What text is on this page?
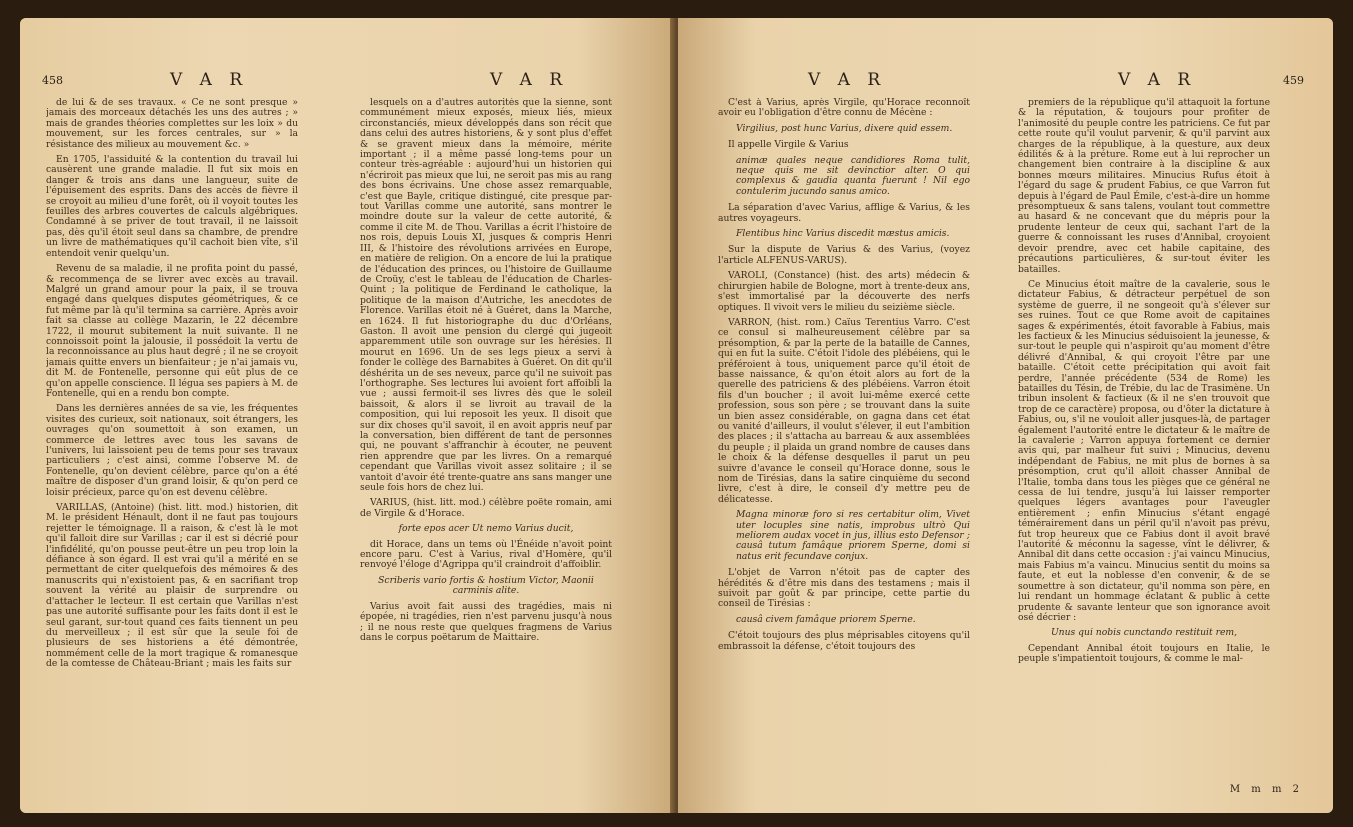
458	V A R	V A R

de lui & de ses travaux. « Ce ne sont presque » jamais des morceaux détachés les uns des autres ; » mais de grandes théories complettes sur les loix » du mouvement, sur les forces centrales, sur » la résistance des milieux au mouvement &c. »

En 1705, l'assiduité & la contention du travail lui causèrent une grande maladie. Il fut six mois en danger & trois ans dans une langueur, suite de l'épuisement des esprits. Dans des accès de fièvre il se croyoit au milieu d'une forêt, où il voyoit toutes les feuilles des arbres couvertes de calculs algébriques. Condamné à se priver de tout travail, il ne laissoit pas, dès qu'il étoit seul dans sa chambre, de prendre un livre de mathématiques qu'il cachoit bien vîte, s'il entendoit venir quelqu'un.

Revenu de sa maladie, il ne profita point du passé, & recommença de se livrer avec excès au travail. Malgré un grand amour pour la paix, il se trouva engagé dans quelques disputes géométriques, & ce fut même par là qu'il termina sa carrière. Après avoir fait sa classe au collège Mazarin, le 22 décembre 1722, il mourut subitement la nuit suivante. Il ne connoissoit point la jalousie, il possédoit la vertu de la reconnoissance au plus haut degré ; il ne se croyoit jamais quitte envers un bienfaiteur ; je n'ai jamais vu, dit M. de Fontenelle, personne qui eût plus de ce qu'on appelle conscience. Il légua ses papiers à M. de Fontenelle, qui en a rendu bon compte.

Dans les dernières années de sa vie, les fréquentes visites des curieux, soit nationaux, soit étrangers, les ouvrages qu'on soumettoit à son examen, un commerce de lettres avec tous les savans de l'univers, lui laissoient peu de tems pour ses travaux particuliers ; c'est ainsi, comme l'observe M. de Fontenelle, qu'on devient célèbre, parce qu'on a été maître de disposer d'un grand loisir, & qu'on perd ce loisir précieux, parce qu'on est devenu célèbre.

VARILLAS, (Antoine) (hist. litt. mod.) historien, dit M. le président Hénault, dont il ne faut pas toujours rejetter le témoignage. Il a raison, & c'est là le mot qu'il falloit dire sur Varillas ; car il est si décrié pour l'infidélité, qu'on pousse peut-être un peu trop loin la défiance à son égard. Il est vrai qu'il a mérité en se permettant de citer quelquefois des mémoires & des manuscrits qui n'existoient pas, & en sacrifiant trop souvent la vérité au plaisir de surprendre ou d'attacher le lecteur. Il est certain que Varillas n'est pas une autorité suffisante pour les faits dont il est le seul garant, sur-tout quand ces faits tiennent un peu du merveilleux ; il est sûr que la seule foi de plusieurs de ses historiens a été démontrée, nommément celle de la mort tragique & romanesque de la comtesse de Château-Briant ; mais les faits sur

lesquels on a d'autres autorités que la sienne, sont communément mieux exposés, mieux liés, mieux circonstanciés, mieux développés dans son récit que dans celui des autres historiens, & y sont plus d'effet & se gravent mieux dans la mémoire, mérite important ; il a même passé long-tems pour un conteur très-agréable : aujourd'hui un historien qui n'écriroit pas mieux que lui, ne seroit pas mis au rang des bons écrivains. Une chose assez remarquable, c'est que Bayle, critique distingué, cite presque par-tout Varillas comme une autorité, sans montrer le moindre doute sur la valeur de cette autorité, & comme il cite M. de Thou. Varillas a écrit l'histoire de nos rois, depuis Louis XI, jusques & compris Henri III, & l'histoire des révolutions arrivées en Europe, en matière de religion. On a encore de lui la pratique de l'éducation des princes, ou l'histoire de Guillaume de Croüy, c'est le tableau de l'éducation de Charles-Quint ; la politique de Ferdinand le catholique, la politique de la maison d'Autriche, les anecdotes de Florence. Varillas étoit né à Guéret, dans la Marche, en 1624. Il fut historiographe du duc d'Orléans, Gaston. Il avoit une pension du clergé qui jugeoit apparemment utile son ouvrage sur les hérésies. Il mourut en 1696. Un de ses legs pieux a servi à fonder le collège des Barnabites à Guéret. On dit qu'il déshérita un de ses neveux, parce qu'il ne suivoit pas l'orthographe. Ses lectures lui avoient fort affoibli la vue ; aussi fermoit-il ses livres dès que le soleil baissoit, & alors il se livroit au travail de la composition, qui lui reposoit les yeux. Il disoit que sur dix choses qu'il savoit, il en avoit appris neuf par la conversation, bien différent de tant de personnes qui, ne pouvant s'affranchir à écouter, ne peuvent rien apprendre que par les livres. On a remarqué cependant que Varillas vivoit assez solitaire ; il se vantoit d'avoir été trente-quatre ans sans manger une seule fois hors de chez lui.

VARIUS, (hist. litt. mod.) célèbre poëte romain, ami de Virgile & d'Horace.

forte epos acer Ut nemo Varius ducit,

dit Horace, dans un tems où l'Énéide n'avoit point encore paru. C'est à Varius, rival d'Homère, qu'il renvoyé l'éloge d'Agrippa qu'il craindroit d'affoiblir.

Scriberis vario fortis & hostium Victor, Maonii carminis alite.

Varius avoit fait aussi des tragédies, mais ni épopée, ni tragédies, rien n'est parvenu jusqu'à nous ; il ne nous reste que quelques fragmens de Varius dans le corpus poëtarum de Maittaire.

V A R	V A R	459

C'est à Varius, après Virgile, qu'Horace reconnoît avoir eu l'obligation d'être connu de Mécène :

Virgilius, post hunc Varius, dixere quid essem.

Il appelle Virgile & Varius

animæ quales neque candidiores Roma tulit, neque quis me sit devinctior alter. O qui complexus & gaudia quanta fuerunt ! Nil ego contulerim jucundo sanus amico.

La séparation d'avec Varius, afflige & Varius, & les autres voyageurs.

Flentibus hinc Varius discedit mæstus amicis.

Sur la dispute de Varius & des Varius, (voyez l'article ALFENUS-VARUS).

VAROLI, (Constance) (hist. des arts) médecin & chirurgien habile de Bologne, mort à trente-deux ans, s'est immortalisé par la découverte des nerfs optiques. Il vivoit vers le milieu du seizième siècle.

VARRON, (hist. rom.) Caïus Terentius Varro. C'est ce consul si malheureusement célèbre par sa présomption, & par la perte de la bataille de Cannes, qui en fut la suite. C'étoit l'idole des plébéiens, qui le préféroient à tous, uniquement parce qu'il étoit de basse naissance, & qu'on étoit alors au fort de la querelle des patriciens & des plébéiens. Varron étoit fils d'un boucher ; il avoit lui-même exercé cette profession, sous son père ; se trouvant dans la suite un bien assez considérable, on gagna dans cet état ou vanité d'ailleurs, il voulut s'élever, il eut l'ambition des places ; il s'attacha au barreau & aux assemblées du peuple ; il plaida un grand nombre de causes dans le choix & la défense desquelles il parut un peu suivre d'avance le conseil qu'Horace donne, sous le nom de Tirésias, dans la satire cinquième du second livre, c'est à dire, le conseil d'y mettre peu de délicatesse.

Magna minoræ foro si res certabitur olim, Vivet uter locuples sine natis, improbus ultrò Qui meliorem audax vocet in jus, illius esto Defensor ; causâ tutum famâque priorem Sperne, domi si natus erit fecundave conjux.

L'objet de Varron n'étoit pas de capter des hérédités & d'être mis dans des testamens ; mais il suivoit par goût & par principe, cette partie du conseil de Tirésias :

causâ civem famâque priorem Sperne.

C'étoit toujours des plus méprisables citoyens qu'il embrassoit la défense, c'étoit toujours des

premiers de la république qu'il attaquoit la fortune & la réputation, & toujours pour profiter de l'animosité du peuple contre les patriciens. Ce fut par cette route qu'il voulut parvenir, & qu'il parvint aux charges de la république, à la questure, aux deux édilités & à la préture. Rome eut à lui reprocher un changement bien contraire à la discipline & aux bonnes mœurs militaires. Minucius Rufus étoit à l'égard du sage & prudent Fabius, ce que Varron fut depuis à l'égard de Paul Émile, c'est-à-dire un homme présomptueux & sans talens, voulant tout commettre au hasard & ne concevant que du mépris pour la prudente lenteur de ceux qui, sachant l'art de la guerre & connoissant les ruses d'Annibal, croyoient devoir prendre, avec cet habile capitaine, des précautions particulières, & sur-tout éviter les batailles.

Ce Minucius étoit maître de la cavalerie, sous le dictateur Fabius, & détracteur perpétuel de son système de guerre, il ne songeoit qu'à s'élever sur ses ruines. Tout ce que Rome avoit de capitaines sages & expérimentés, étoit favorable à Fabius, mais les factieux & les Minucius séduisoient la jeunesse, & sur-tout le peuple qui n'aspiroit qu'au moment d'être délivré d'Annibal, & qui croyoit l'être par une bataille. C'étoit cette précipitation qui avoit fait perdre, l'année précédente (534 de Rome) les batailles du Tésin, de Trébie, du lac de Trasimène. Un tribun insolent & factieux (& il ne s'en trouvoit que trop de ce caractère) proposa, ou d'ôter la dictature à Fabius, ou, s'il ne vouloit aller jusques-là, de partager également l'autorité entre le dictateur & le maître de la cavalerie ; Varron appuya fortement ce dernier avis qui, par malheur fut suivi ; Minucius, devenu indépendant de Fabius, ne mit plus de bornes à sa présomption, crut qu'il alloit chasser Annibal de l'Italie, tomba dans tous les pièges que ce général ne cessa de lui tendre, jusqu'à lui laisser remporter quelques légers avantages pour l'aveugler entièrement ; enfin Minucius s'étant engagé témérairement dans un péril qu'il n'avoit pas prévu, fut trop heureux que ce Fabius dont il avoit bravé l'autorité & méconnu la sagesse, vînt le délivrer, & Annibal dit dans cette occasion : j'ai vaincu Minucius, mais Fabius m'a vaincu. Minucius sentit du moins sa faute, et eut la noblesse d'en convenir, & de se soumettre à son dictateur, qu'il nomma son père, en lui rendant un hommage éclatant & public à cette prudente & savante lenteur que son ignorance avoit osé décrier :

Unus qui nobis cunctando restituit rem,

Cependant Annibal étoit toujours en Italie, le peuple s'impatientoit toujours, & comme le mal-

M m m 2
